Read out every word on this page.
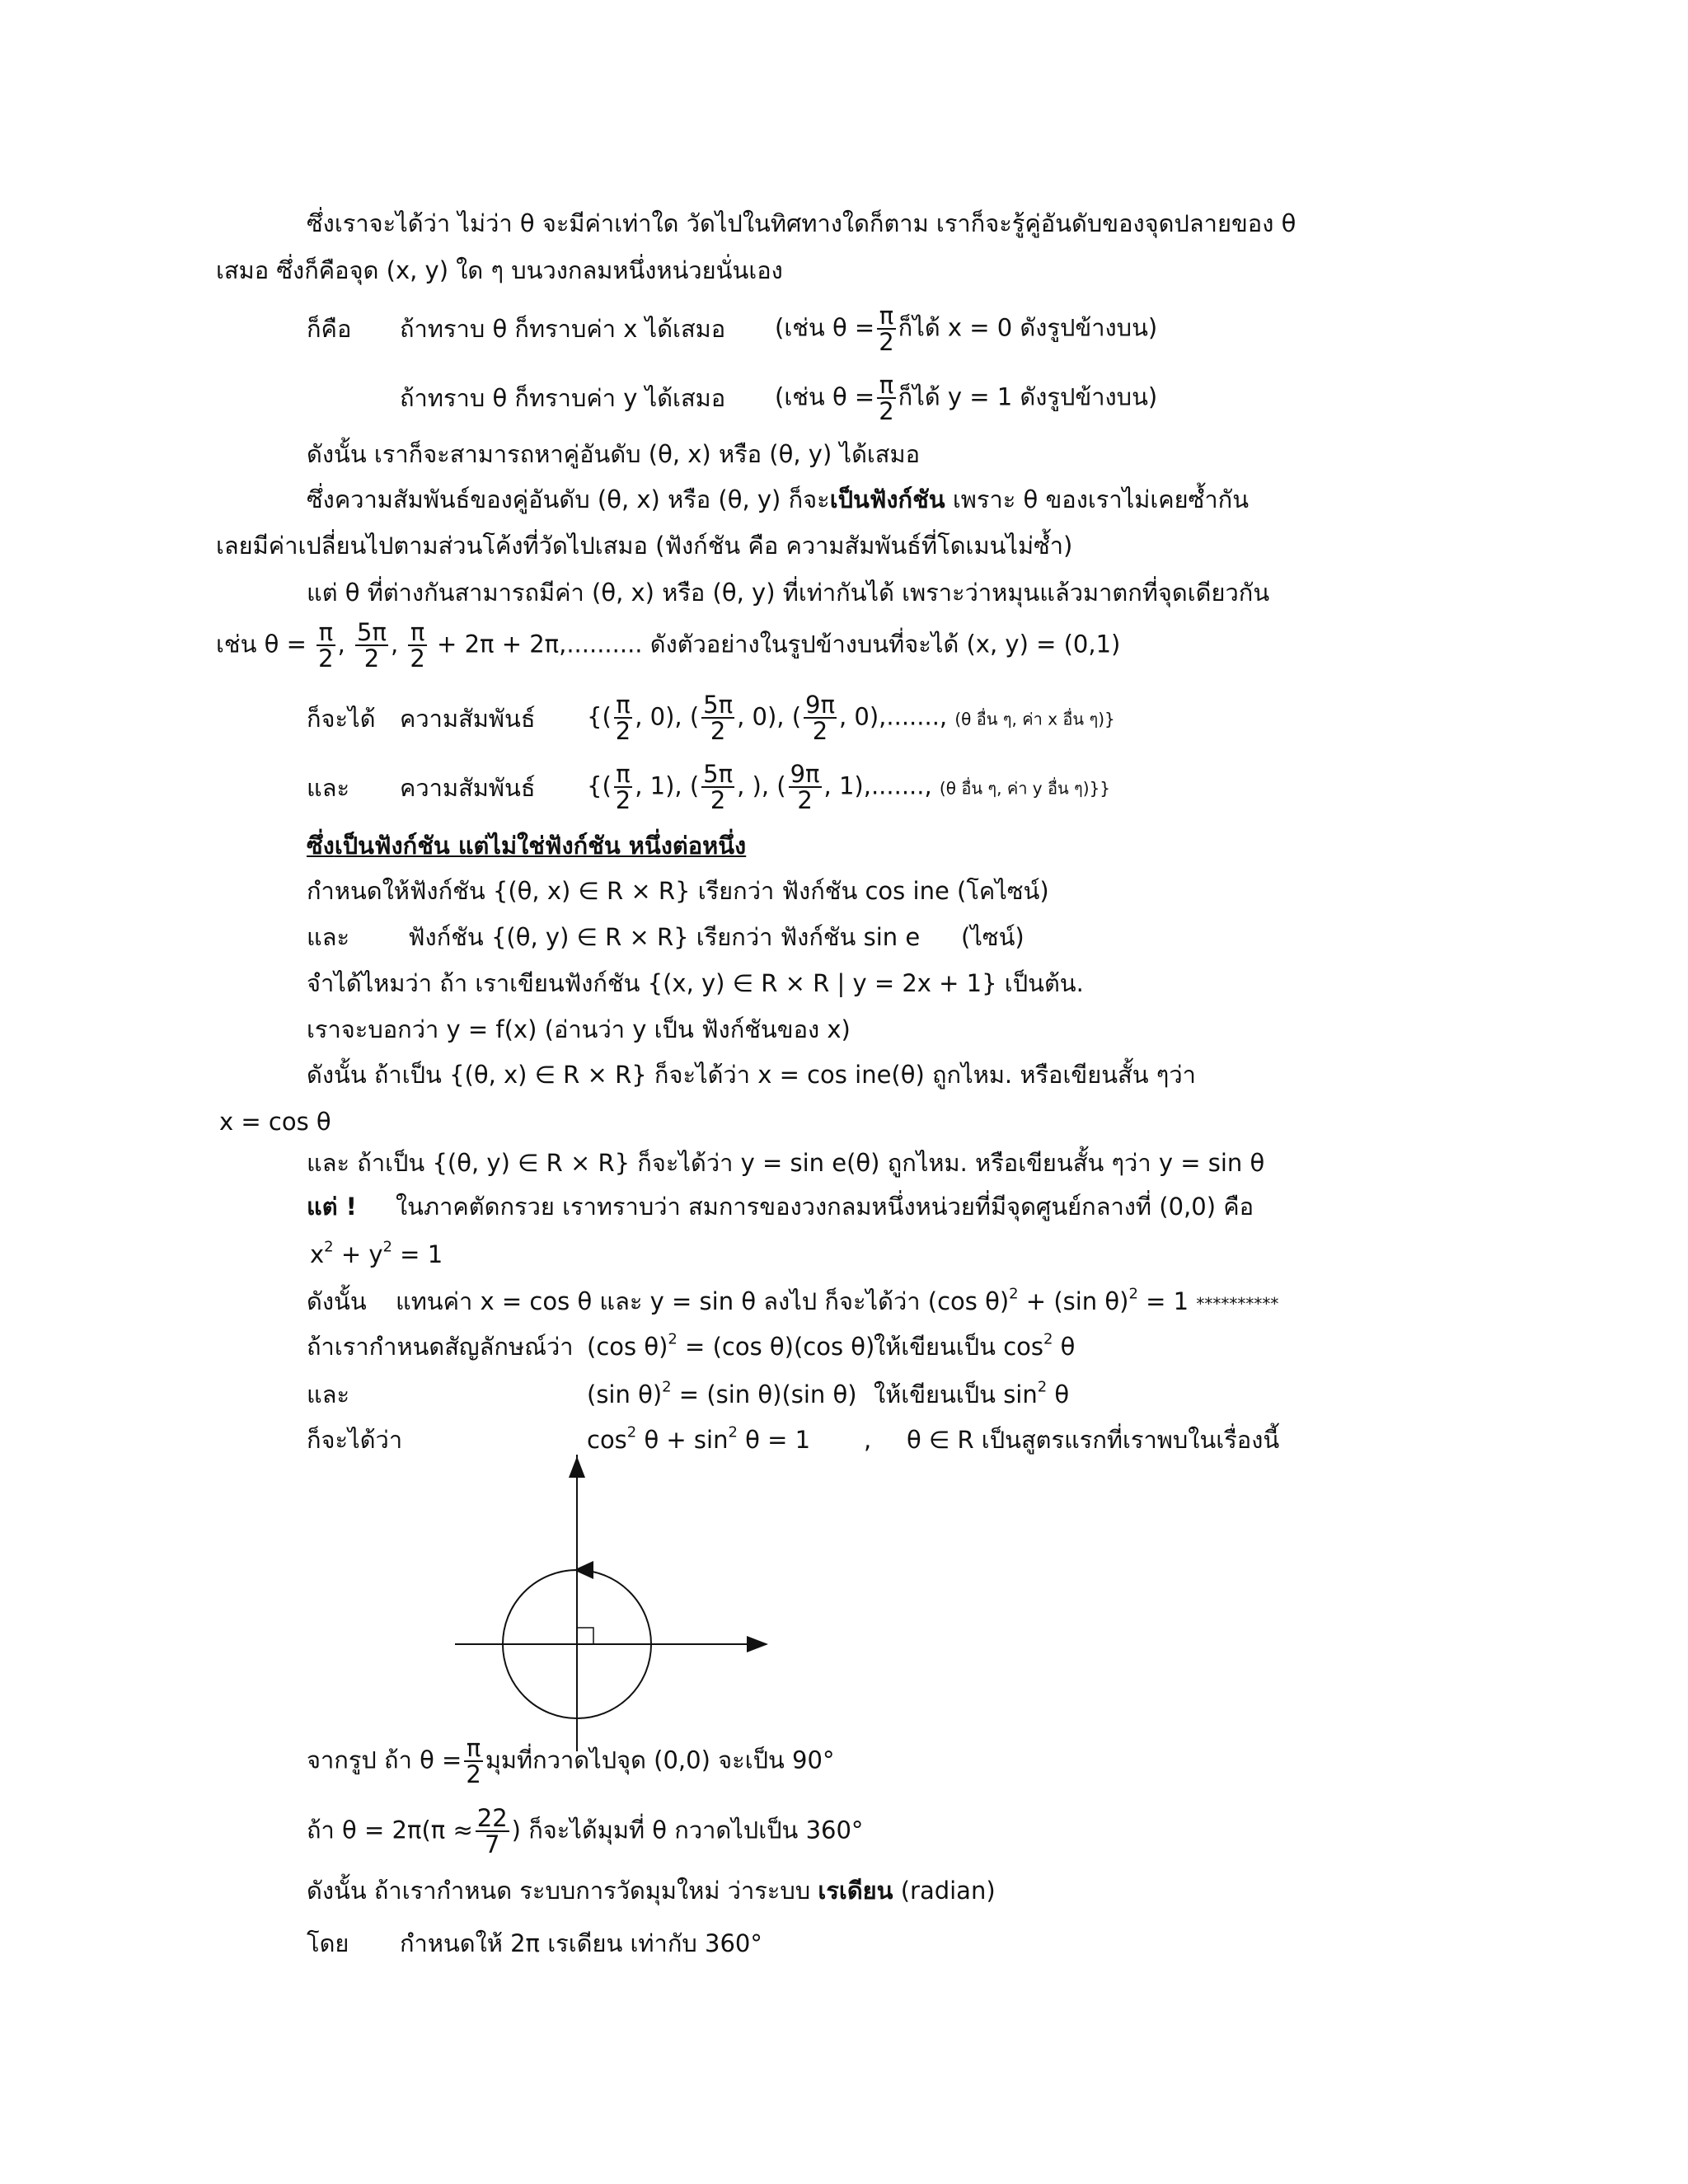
ซึ่งเราจะได้ว่า ไม่ว่า θ จะมีค่าเท่าใด วัดไปในทิศทางใดก็ตาม เราก็จะรู้คู่อันดับของจุดปลายของ θ
เสมอ ซึ่งก็คือจุด (x, y) ใด ๆ บนวงกลมหนึ่งหน่วยนั่นเอง
ก็คือ ถ้าทราบ θ ก็ทราบค่า x ได้เสมอ (เช่น $\theta = \frac{\pi}{2}$ ก็ได้ x = 0 ดังรูปข้างบน)
ถ้าทราบ θ ก็ทราบค่า y ได้เสมอ (เช่น $\theta = \frac{\pi}{2}$ ก็ได้ y = 1 ดังรูปข้างบน)
ดังนั้น เราก็จะสามารถหาคู่อันดับ (θ, x) หรือ (θ, y) ได้เสมอ
ซึ่งความสัมพันธ์ของคู่อันดับ (θ, x) หรือ (θ, y) ก็จะเป็นฟังก์ชัน เพราะ θ ของเราไม่เคยซ้ำกัน
เลยมีค่าเปลี่ยนไปตามส่วนโค้งที่วัดไปเสมอ (ฟังก์ชัน คือ ความสัมพันธ์ที่โดเมนไม่ซ้ำ)
แต่ θ ที่ต่างกันสามารถมีค่า (θ, x) หรือ (θ, y) ที่เท่ากันได้ เพราะว่าหมุนแล้วมาตกที่จุดเดียวกัน
เช่น $\theta = \frac{\pi}{2}$ , $\frac{5\pi}{2}$ , $\frac{\pi}{2} + 2\pi + 2\pi$,.......... ดังตัวอย่างในรูปข้างบนที่จะได้ (x, y) = (0,1)
ก็จะได้ ความสัมพันธ์ {( $\frac{\pi}{2}$ , 0), ( $\frac{5\pi}{2}$ , 0), ( $\frac{9\pi}{2}$ , 0),......., (θ อื่น ๆ, ค่า x อื่น ๆ)}
และ ความสัมพันธ์ {( $\frac{\pi}{2}$ , 1), ( $\frac{5\pi}{2}$ , ), ( $\frac{9\pi}{2}$ , 1),......., (θ อื่น ๆ, ค่า y อื่น ๆ)}}
ซึ่งเป็นฟังก์ชัน แต่ไม่ใช่ฟังก์ชัน หนึ่งต่อหนึ่ง
กำหนดให้ฟังก์ชัน {(θ, x) ∈ R × R} เรียกว่า ฟังก์ชัน cos ine (โคไซน์)
และ ฟังก์ชัน {(θ, y) ∈ R × R} เรียกว่า ฟังก์ชัน sin e (ไซน์)
จำได้ไหมว่า ถ้า เราเขียนฟังก์ชัน {(x, y) ∈ R × R | y = 2x + 1} เป็นต้น.
เราจะบอกว่า y = f(x) (อ่านว่า y เป็น ฟังก์ชันของ x)
ดังนั้น ถ้าเป็น {(θ, x) ∈ R × R} ก็จะได้ว่า x = cos ine(θ) ถูกไหม. หรือเขียนสั้น ๆว่า
x = cos θ
และ ถ้าเป็น {(θ, y) ∈ R × R} ก็จะได้ว่า y = sin e(θ) ถูกไหม. หรือเขียนสั้น ๆว่า y = sin θ
แต่ ! ในภาคตัดกรวย เราทราบว่า สมการของวงกลมหนึ่งหน่วยที่มีจุดศูนย์กลางที่ (0,0) คือ
$x^2 + y^2 = 1$
ดังนั้น แทนค่า x = cos θ และ y = sin θ ลงไป ก็จะได้ว่า (cos θ)$^2$ + (sin θ)$^2$ = 1 **********
ถ้าเรากำหนดสัญลักษณ์ว่า (cos θ)$^2$ = (cos θ)(cos θ)
ให้เขียนเป็น $\cos^2 \theta$
และ	(sin θ)$^2$ = (sin θ)(sin θ) ให้เขียนเป็น $\sin^2 \theta$
ก็จะได้ว่า	$\cos^2 \theta + \sin^2 \theta = 1$ , θ ∈ R เป็นสูตรแรกที่เราพบในเรื่องนี้
จากรูป ถ้า $\theta = \frac{\pi}{2}$ มุมที่กวาดไปจุด (0,0) จะเป็น 90°
ถ้า $\theta = 2\pi(\pi \approx \frac{22}{7}$ ) ก็จะได้มุมที่ θ กวาดไปเป็น 360°
ดังนั้น ถ้าเรากำหนด ระบบการวัดมุมใหม่ ว่าระบบ เรเดียน (radian)
โดย กำหนดให้ 2π เรเดียน เท่ากับ 360°
